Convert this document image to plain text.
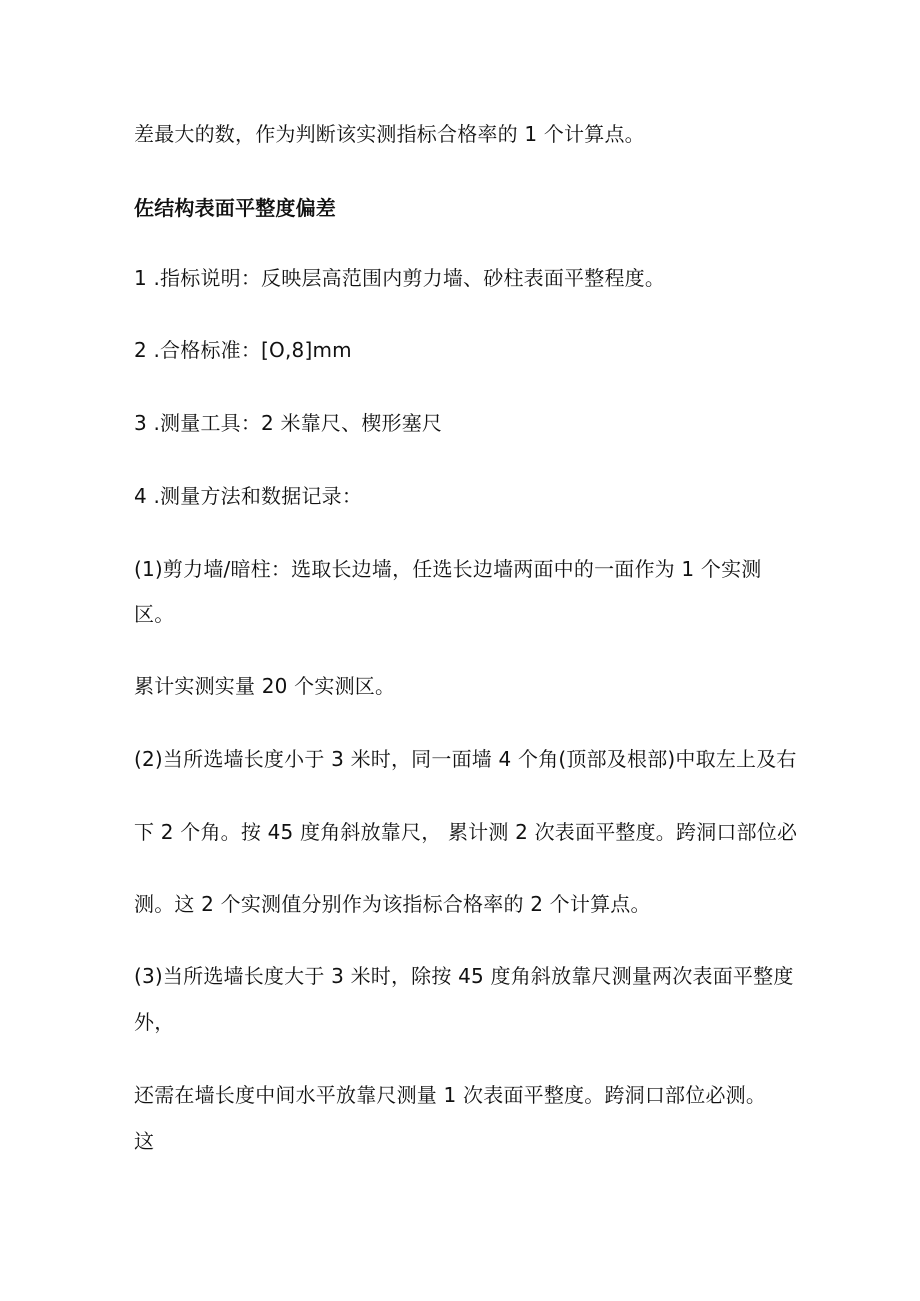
差最大的数，作为判断该实测指标合格率的 1 个计算点。
佐结构表面平整度偏差
1 .指标说明：反映层高范围内剪力墙、砂柱表面平整程度。
2 .合格标准：[O,8]mm
3 .测量工具：2 米靠尺、楔形塞尺
4 .测量方法和数据记录：
(1)剪力墙/暗柱：选取长边墙，任选长边墙两面中的一面作为 1 个实测
区。
累计实测实量 20 个实测区。
(2)当所选墙长度小于 3 米时，同一面墙 4 个角(顶部及根部)中取左上及右
下 2 个角。按 45 度角斜放靠尺， 累计测 2 次表面平整度。跨洞口部位必
测。这 2 个实测值分别作为该指标合格率的 2 个计算点。
(3)当所选墙长度大于 3 米时，除按 45 度角斜放靠尺测量两次表面平整度
外，
还需在墙长度中间水平放靠尺测量 1 次表面平整度。跨洞口部位必测。
这
